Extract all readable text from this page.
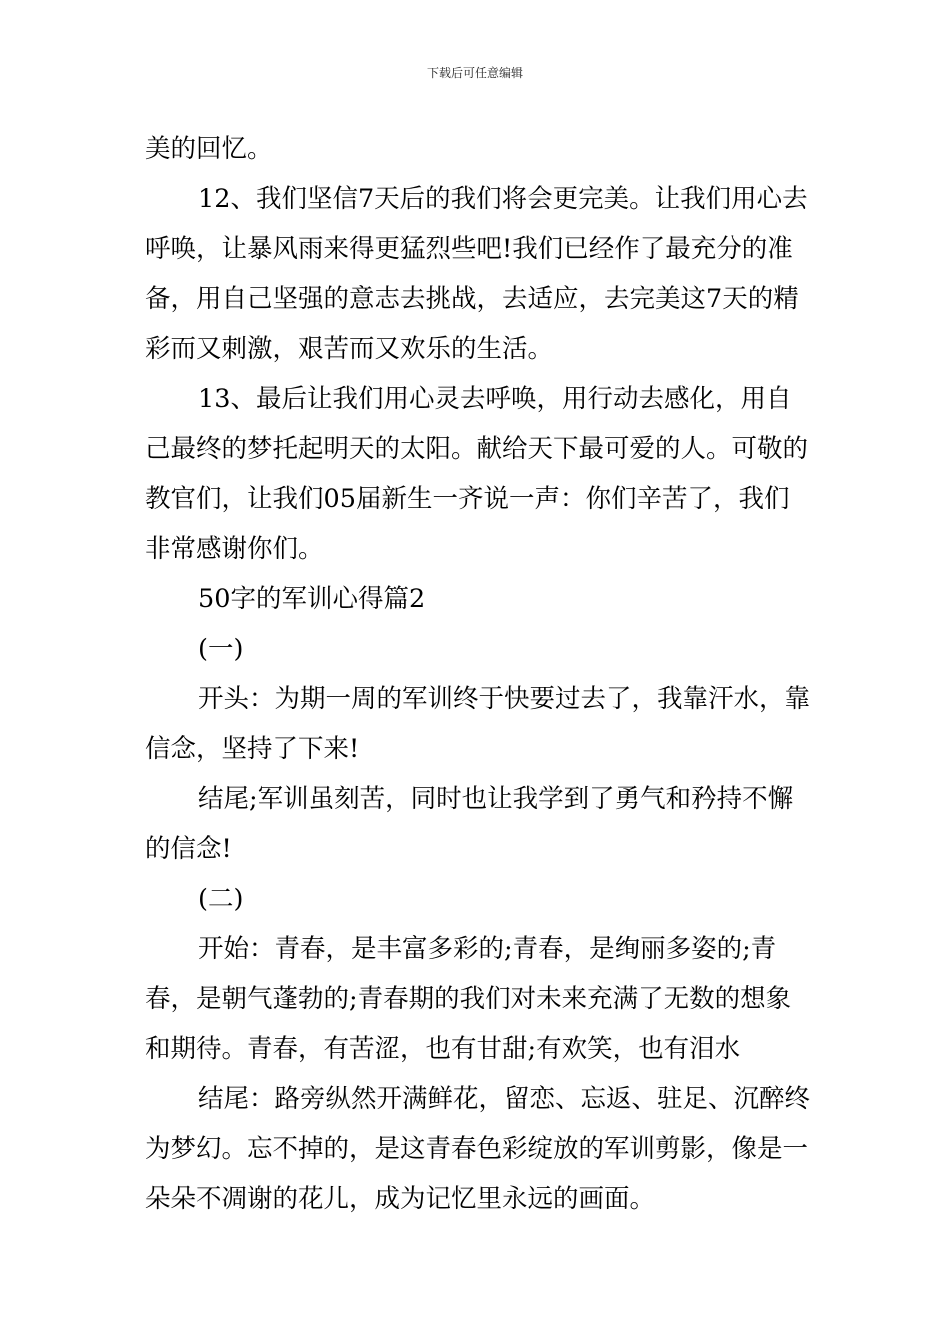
下载后可任意编辑

美的回忆。

12、我们坚信7天后的我们将会更完美。让我们用心去呼唤，让暴风雨来得更猛烈些吧!我们已经作了最充分的准备，用自己坚强的意志去挑战，去适应，去完美这7天的精彩而又刺激，艰苦而又欢乐的生活。

13、最后让我们用心灵去呼唤，用行动去感化，用自己最终的梦托起明天的太阳。献给天下最可爱的人。可敬的教官们，让我们05届新生一齐说一声：你们辛苦了，我们非常感谢你们。

50字的军训心得篇2

(一)

开头：为期一周的军训终于快要过去了，我靠汗水，靠信念，坚持了下来!

结尾;军训虽刻苦，同时也让我学到了勇气和矜持不懈的信念!

(二)

开始：青春，是丰富多彩的;青春，是绚丽多姿的;青春，是朝气蓬勃的;青春期的我们对未来充满了无数的想象和期待。青春，有苦涩，也有甘甜;有欢笑，也有泪水

结尾：路旁纵然开满鲜花，留恋、忘返、驻足、沉醉终为梦幻。忘不掉的，是这青春色彩绽放的军训剪影，像是一朵朵不凋谢的花儿，成为记忆里永远的画面。
